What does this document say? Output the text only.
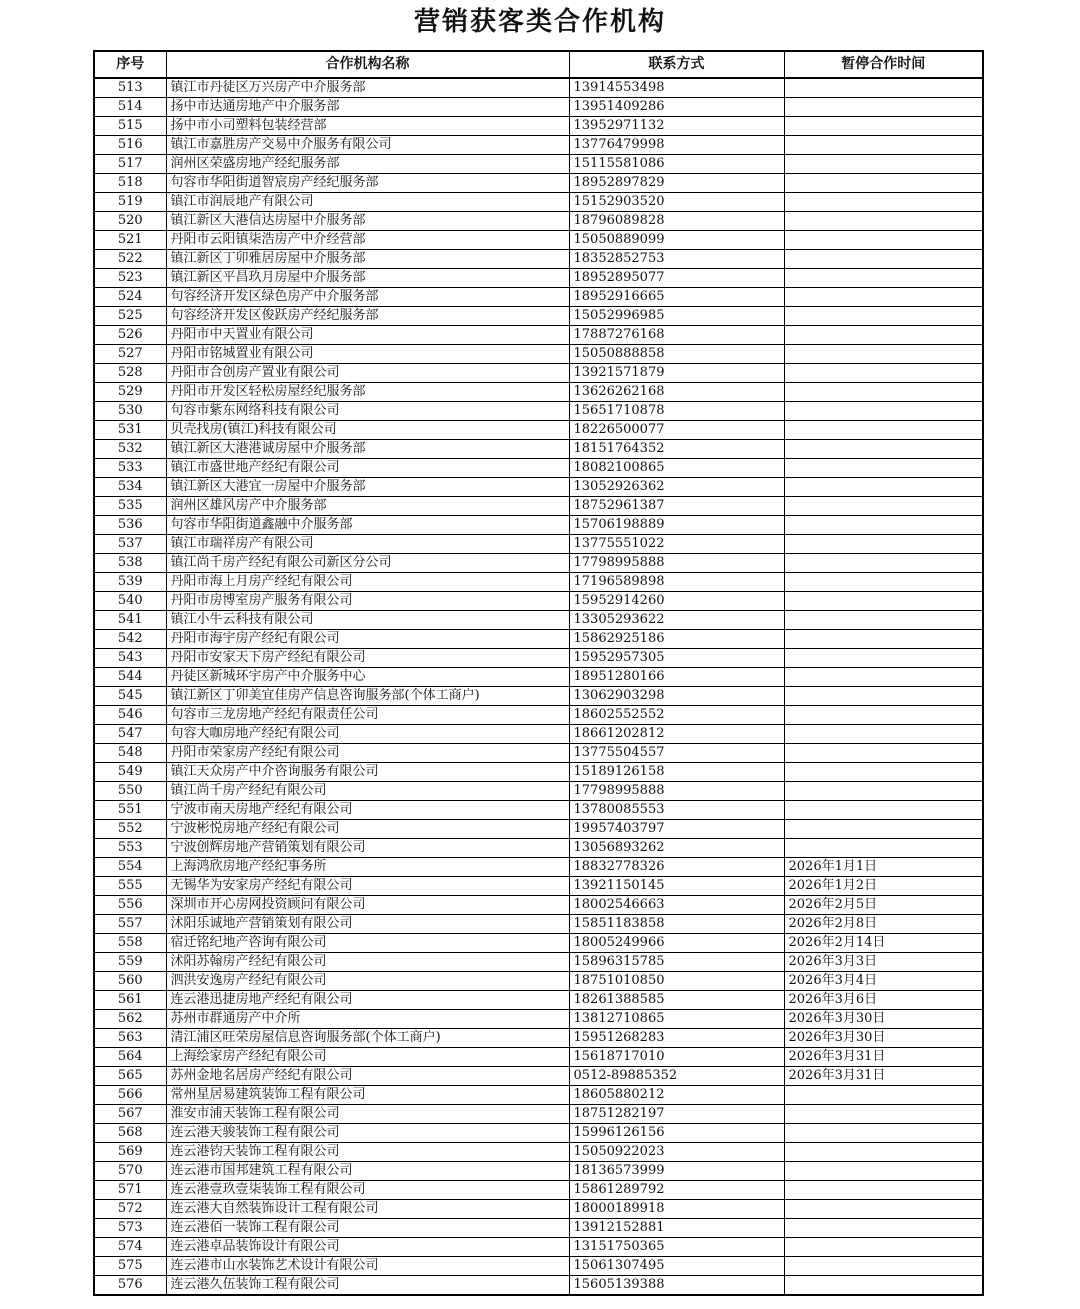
营销获客类合作机构
序号	合作机构名称	联系方式	暂停合作时间
513	镇江市丹徒区万兴房产中介服务部	13914553498	
514	扬中市达通房地产中介服务部	13951409286	
515	扬中市小司塑料包装经营部	13952971132	
516	镇江市嘉胜房产交易中介服务有限公司	13776479998	
517	润州区荣盛房地产经纪服务部	15115581086	
518	句容市华阳街道智宸房产经纪服务部	18952897829	
519	镇江市润辰地产有限公司	15152903520	
520	镇江新区大港信达房屋中介服务部	18796089828	
521	丹阳市云阳镇柒浩房产中介经营部	15050889099	
522	镇江新区丁卯雅居房屋中介服务部	18352852753	
523	镇江新区平昌玖月房屋中介服务部	18952895077	
524	句容经济开发区绿色房产中介服务部	18952916665	
525	句容经济开发区俊跃房产经纪服务部	15052996985	
526	丹阳市中天置业有限公司	17887276168	
527	丹阳市铭城置业有限公司	15050888858	
528	丹阳市合创房产置业有限公司	13921571879	
529	丹阳市开发区轻松房屋经纪服务部	13626262168	
530	句容市紫东网络科技有限公司	15651710878	
531	贝壳找房(镇江)科技有限公司	18226500077	
532	镇江新区大港港诚房屋中介服务部	18151764352	
533	镇江市盛世地产经纪有限公司	18082100865	
534	镇江新区大港宜一房屋中介服务部	13052926362	
535	润州区雄风房产中介服务部	18752961387	
536	句容市华阳街道鑫融中介服务部	15706198889	
537	镇江市瑞祥房产有限公司	13775551022	
538	镇江尚千房产经纪有限公司新区分公司	17798995888	
539	丹阳市海上月房产经纪有限公司	17196589898	
540	丹阳市房博室房产服务有限公司	15952914260	
541	镇江小牛云科技有限公司	13305293622	
542	丹阳市海宇房产经纪有限公司	15862925186	
543	丹阳市安家天下房产经纪有限公司	15952957305	
544	丹徒区新城环宇房产中介服务中心	18951280166	
545	镇江新区丁卯美宜佳房产信息咨询服务部(个体工商户)	13062903298	
546	句容市三龙房地产经纪有限责任公司	18602552552	
547	句容大咖房地产经纪有限公司	18661202812	
548	丹阳市荣家房产经纪有限公司	13775504557	
549	镇江天众房产中介咨询服务有限公司	15189126158	
550	镇江尚千房产经纪有限公司	17798995888	
551	宁波市南天房地产经纪有限公司	13780085553	
552	宁波彬悦房地产经纪有限公司	19957403797	
553	宁波创辉房地产营销策划有限公司	13056893262	
554	上海鸿欣房地产经纪事务所	18832778326	2026年1月1日
555	无锡华为安家房产经纪有限公司	13921150145	2026年1月2日
556	深圳市开心房网投资顾问有限公司	18002546663	2026年2月5日
557	沭阳乐诚地产营销策划有限公司	15851183858	2026年2月8日
558	宿迁铭纪地产咨询有限公司	18005249966	2026年2月14日
559	沭阳苏翰房产经纪有限公司	15896315785	2026年3月3日
560	泗洪安逸房产经纪有限公司	18751010850	2026年3月4日
561	连云港迅捷房地产经纪有限公司	18261388585	2026年3月6日
562	苏州市群通房产中介所	13812710865	2026年3月30日
563	清江浦区旺荣房屋信息咨询服务部(个体工商户)	15951268283	2026年3月30日
564	上海绘家房产经纪有限公司	15618717010	2026年3月31日
565	苏州金地名居房产经纪有限公司	0512-89885352	2026年3月31日
566	常州星居易建筑装饰工程有限公司	18605880212	
567	淮安市浦天装饰工程有限公司	18751282197	
568	连云港天骏装饰工程有限公司	15996126156	
569	连云港钧天装饰工程有限公司	15050922023	
570	连云港市国邦建筑工程有限公司	18136573999	
571	连云港壹玖壹柒装饰工程有限公司	15861289792	
572	连云港大自然装饰设计工程有限公司	18000189918	
573	连云港佰一装饰工程有限公司	13912152881	
574	连云港卓品装饰设计有限公司	13151750365	
575	连云港市山水装饰艺术设计有限公司	15061307495	
576	连云港久伍装饰工程有限公司	15605139388	
